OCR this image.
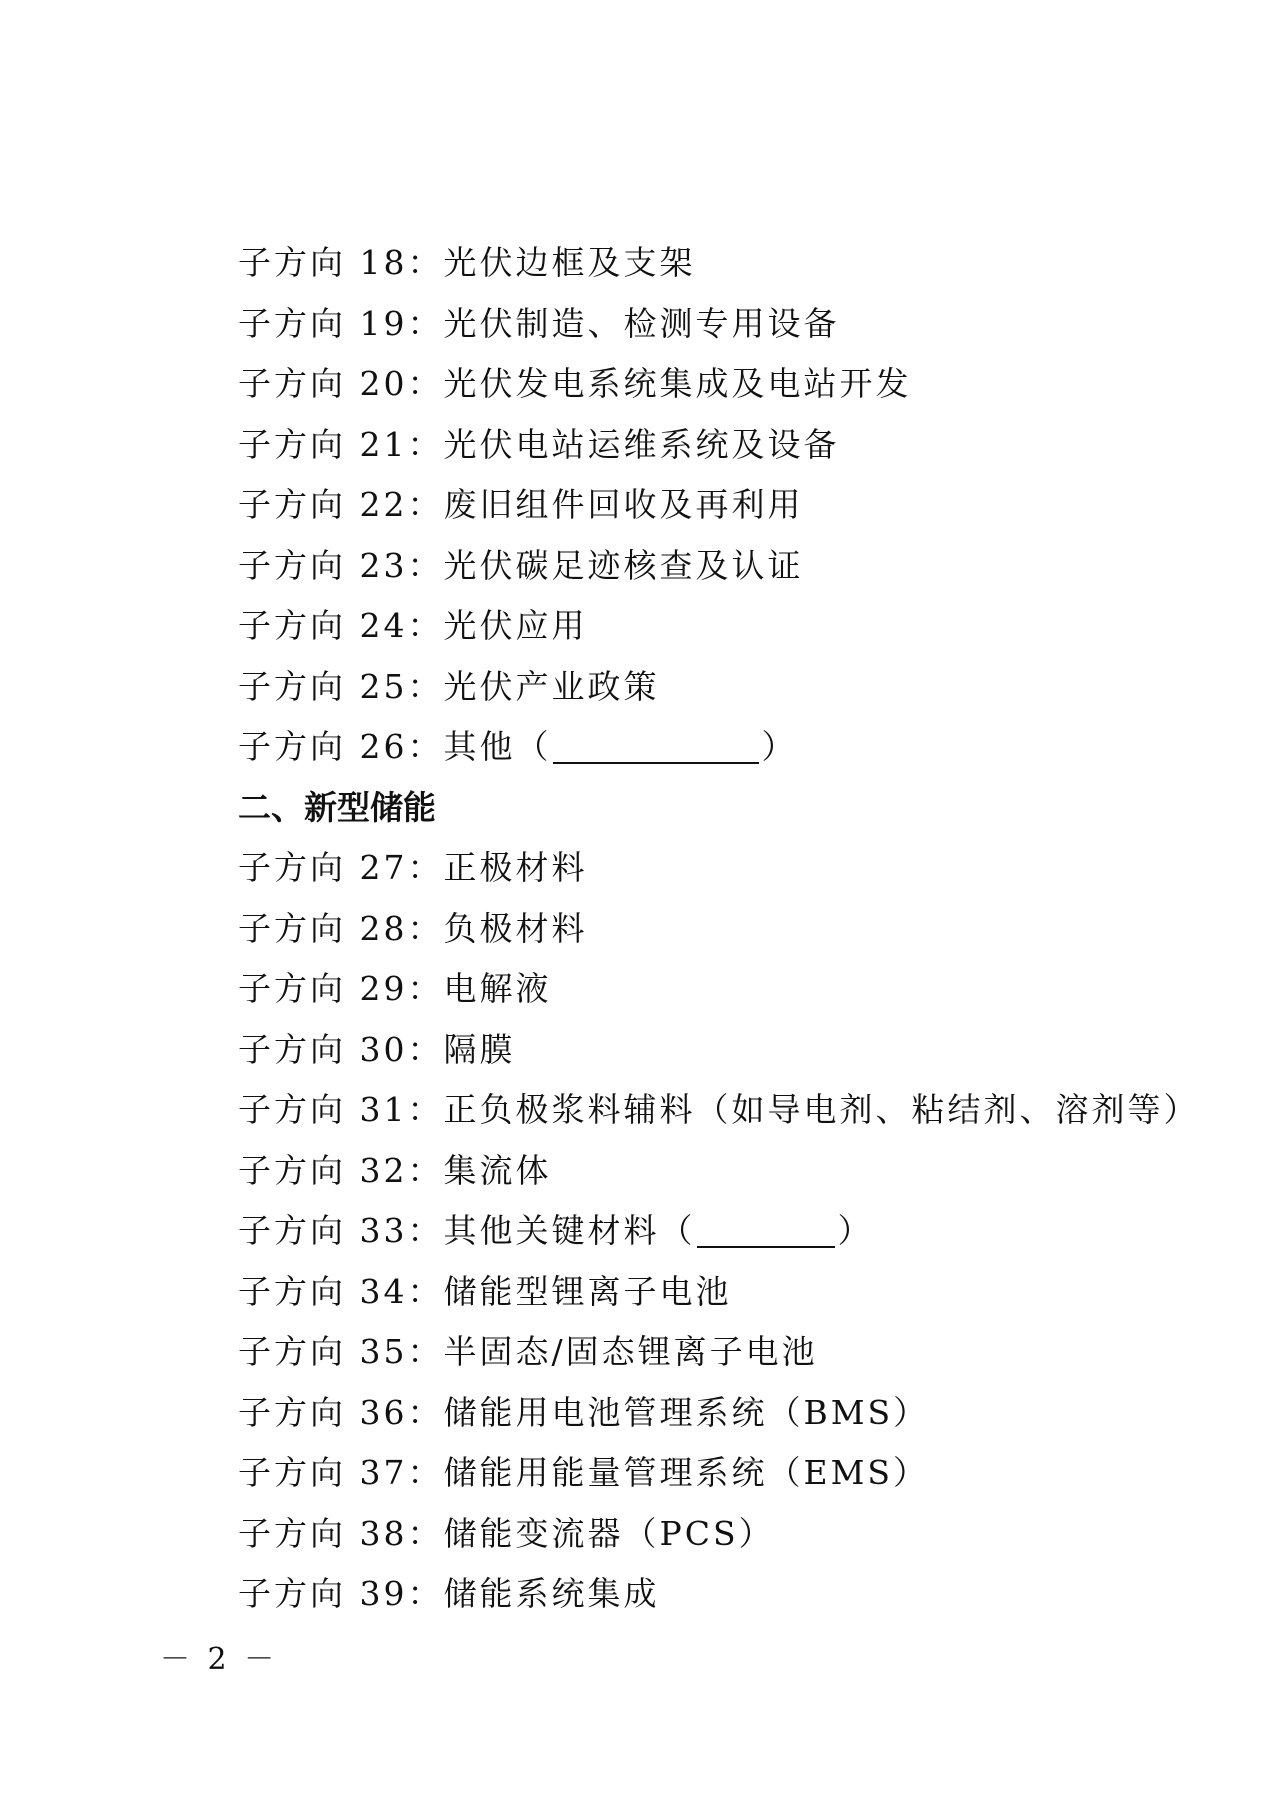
子方向 18：光伏边框及支架
子方向 19：光伏制造、检测专用设备
子方向 20：光伏发电系统集成及电站开发
子方向 21：光伏电站运维系统及设备
子方向 22：废旧组件回收及再利用
子方向 23：光伏碳足迹核查及认证
子方向 24：光伏应用
子方向 25：光伏产业政策
子方向 26：其他（	）
二、新型储能
子方向 27：正极材料
子方向 28：负极材料
子方向 29：电解液
子方向 30：隔膜
子方向 31：正负极浆料辅料（如导电剂、粘结剂、溶剂等）
子方向 32：集流体
子方向 33：其他关键材料（	）
子方向 34：储能型锂离子电池
子方向 35：半固态/固态锂离子电池
子方向 36：储能用电池管理系统（BMS）
子方向 37：储能用能量管理系统（EMS）
子方向 38：储能变流器（PCS）
子方向 39：储能系统集成
－ 2 －
